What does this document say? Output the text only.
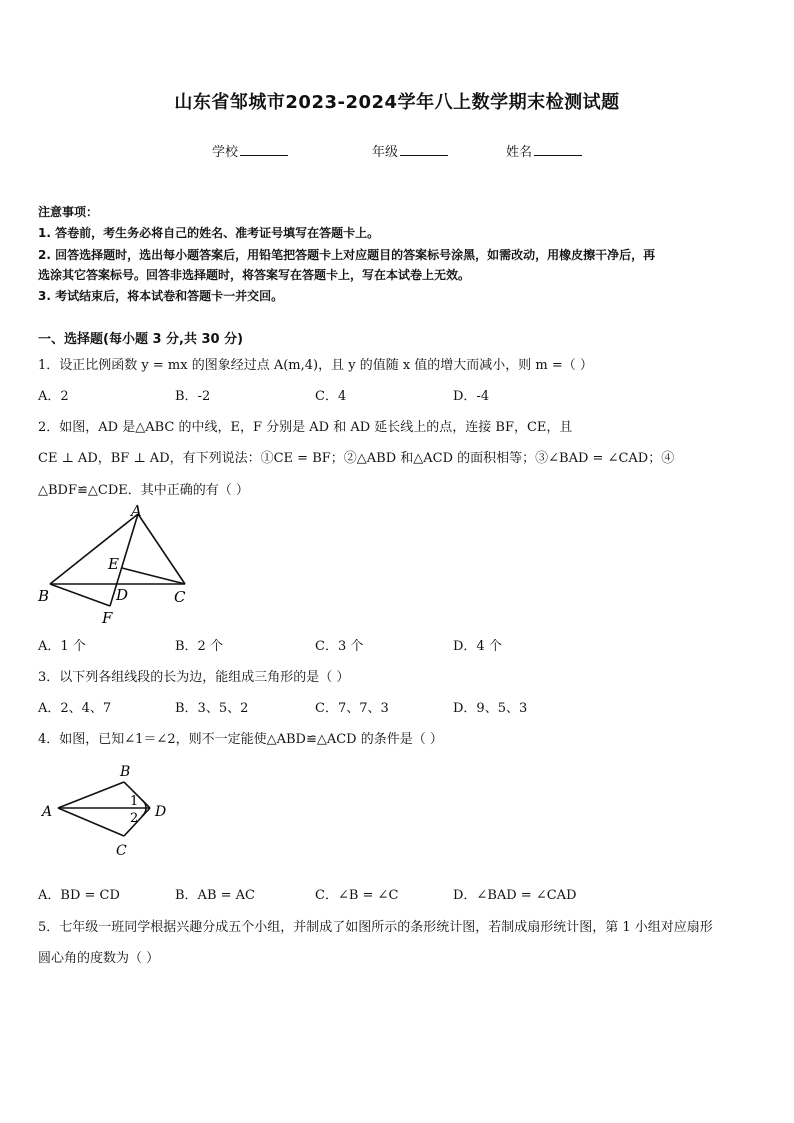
山东省邹城市2023-2024学年八上数学期末检测试题
学校	年级	姓名
注意事项：
1. 答卷前，考生务必将自己的姓名、准考证号填写在答题卡上。
2. 回答选择题时，选出每小题答案后，用铅笔把答题卡上对应题目的答案标号涂黑，如需改动，用橡皮擦干净后，再
选涂其它答案标号。回答非选择题时，将答案写在答题卡上，写在本试卷上无效。
3. 考试结束后，将本试卷和答题卡一并交回。
一、选择题(每小题 3 分,共 30 分)
1．设正比例函数 y = mx 的图象经过点 A(m,4)，且 y 的值随 x 值的增大而减小，则 m =（ ）
A．2	B．-2	C．4	D．-4
2．如图，AD 是△ABC 的中线，E，F 分别是 AD 和 AD 延长线上的点，连接 BF，CE，且
CE ⊥ AD，BF ⊥ AD，有下列说法：①CE = BF；②△ABD 和△ACD 的面积相等；③∠BAD = ∠CAD；④
△BDF≌△CDE．其中正确的有（ ）
A
E
B	D	C
F
A．1 个	B．2 个	C．3 个	D．4 个
3．以下列各组线段的长为边，能组成三角形的是（ ）
A．2、4、7	B．3、5、2	C．7、7、3	D．9、5、3
4．如图，已知∠1＝∠2，则不一定能使△ABD≌△ACD 的条件是（ ）
B
1
2
A	D
C
A．BD = CD	B．AB = AC	C．∠B = ∠C	D．∠BAD = ∠CAD
5．七年级一班同学根据兴趣分成五个小组，并制成了如图所示的条形统计图，若制成扇形统计图，第 1 小组对应扇形
圆心角的度数为（ ）
